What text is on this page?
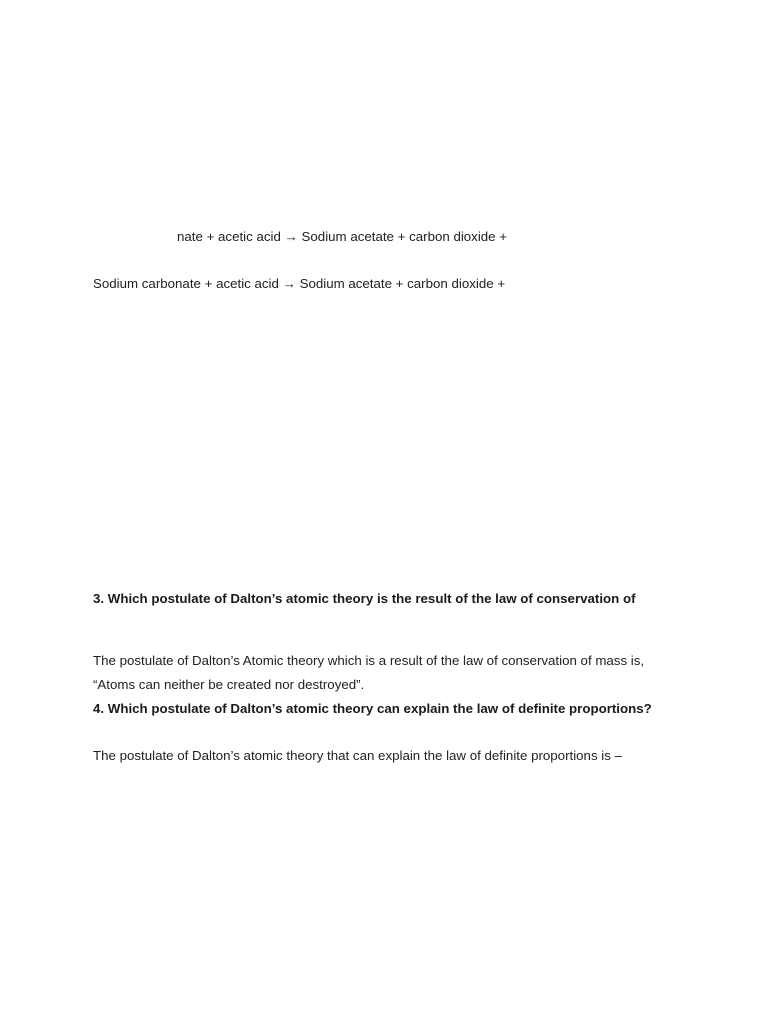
nate + acetic acid → Sodium acetate + carbon dioxide +
Sodium carbonate + acetic acid → Sodium acetate + carbon dioxide +
3. Which postulate of Dalton’s atomic theory is the result of the law of conservation of
The postulate of Dalton’s Atomic theory which is a result of the law of conservation of mass is,
“Atoms can neither be created nor destroyed”.
4. Which postulate of Dalton’s atomic theory can explain the law of definite proportions?
The postulate of Dalton’s atomic theory that can explain the law of definite proportions is –
